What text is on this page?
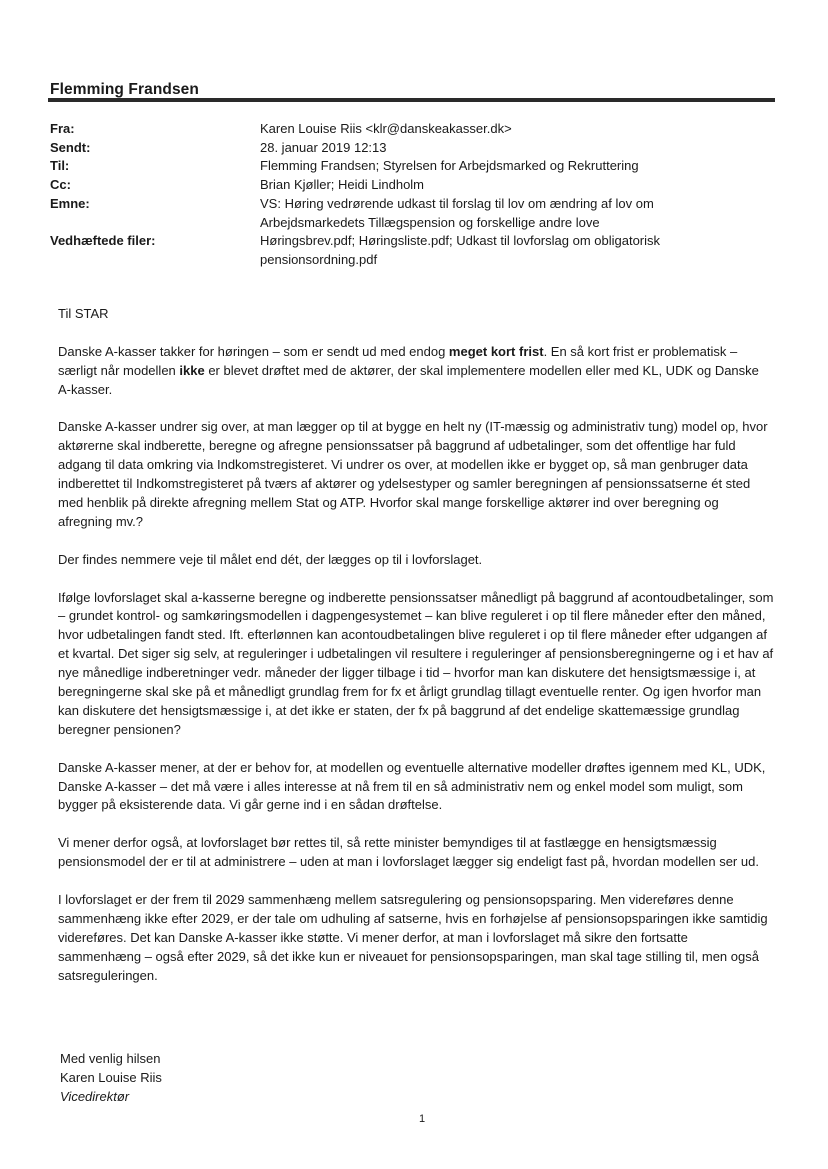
Flemming Frandsen
Fra:	Karen Louise Riis <klr@danskeakasser.dk>
Sendt:	28. januar 2019 12:13
Til:	Flemming Frandsen; Styrelsen for Arbejdsmarked og Rekruttering
Cc:	Brian Kjøller; Heidi Lindholm
Emne:	VS: Høring vedrørende udkast til forslag til lov om ændring af lov om Arbejdsmarkedets Tillægspension og forskellige andre love
Vedhæftede filer:	Høringsbrev.pdf; Høringsliste.pdf; Udkast til lovforslag om obligatorisk pensionsordning.pdf

Til STAR

Danske A-kasser takker for høringen – som er sendt ud med endog meget kort frist. En så kort frist er problematisk – særligt når modellen ikke er blevet drøftet med de aktører, der skal implementere modellen eller med KL, UDK og Danske A-kasser.

Danske A-kasser undrer sig over, at man lægger op til at bygge en helt ny (IT-mæssig og administrativ tung) model op, hvor aktørerne skal indberette, beregne og afregne pensionssatser på baggrund af udbetalinger, som det offentlige har fuld adgang til data omkring via Indkomstregisteret. Vi undrer os over, at modellen ikke er bygget op, så man genbruger data indberettet til Indkomstregisteret på tværs af aktører og ydelsestyper og samler beregningen af pensionssatserne ét sted med henblik på direkte afregning mellem Stat og ATP. Hvorfor skal mange forskellige aktører ind over beregning og afregning mv.?

Der findes nemmere veje til målet end dét, der lægges op til i lovforslaget.

Ifølge lovforslaget skal a-kasserne beregne og indberette pensionssatser månedligt på baggrund af acontoudbetalinger, som – grundet kontrol- og samkøringsmodellen i dagpengesystemet – kan blive reguleret i op til flere måneder efter den måned, hvor udbetalingen fandt sted. Ift. efterlønnen kan acontoudbetalingen blive reguleret i op til flere måneder efter udgangen af et kvartal. Det siger sig selv, at reguleringer i udbetalingen vil resultere i reguleringer af pensionsberegningerne og i et hav af nye månedlige indberetninger vedr. måneder der ligger tilbage i tid – hvorfor man kan diskutere det hensigtsmæssige i, at beregningerne skal ske på et månedligt grundlag frem for fx et årligt grundlag tillagt eventuelle renter. Og igen hvorfor man kan diskutere det hensigtsmæssige i, at det ikke er staten, der fx på baggrund af det endelige skattemæssige grundlag beregner pensionen?

Danske A-kasser mener, at der er behov for, at modellen og eventuelle alternative modeller drøftes igennem med KL, UDK, Danske A-kasser – det må være i alles interesse at nå frem til en så administrativ nem og enkel model som muligt, som bygger på eksisterende data. Vi går gerne ind i en sådan drøftelse.

Vi mener derfor også, at lovforslaget bør rettes til, så rette minister bemyndiges til at fastlægge en hensigtsmæssig pensionsmodel der er til at administrere – uden at man i lovforslaget lægger sig endeligt fast på, hvordan modellen ser ud.

I lovforslaget er der frem til 2029 sammenhæng mellem satsregulering og pensionsopsparing. Men videreføres denne sammenhæng ikke efter 2029, er der tale om udhuling af satserne, hvis en forhøjelse af pensionsopsparingen ikke samtidig videreføres. Det kan Danske A-kasser ikke støtte. Vi mener derfor, at man i lovforslaget må sikre den fortsatte sammenhæng – også efter 2029, så det ikke kun er niveauet for pensionsopsparingen, man skal tage stilling til, men også satsreguleringen.

Med venlig hilsen
Karen Louise Riis
Vicedirektør
1
